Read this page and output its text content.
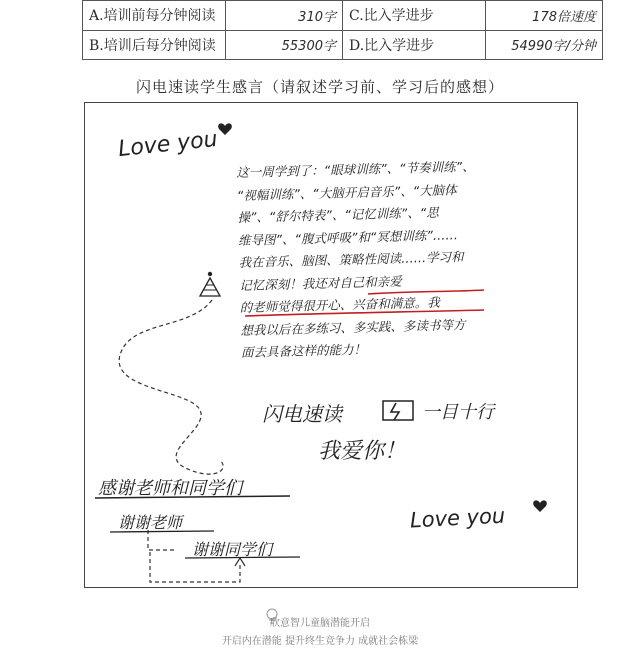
A.培训前每分钟阅读	310字	C.比入学进步	178倍速度
B.培训后每分钟阅读	55300字	D.比入学进步	54990字/分钟
闪电速读学生感言（请叙述学习前、学习后的感想）
Love you
这一周学到了：“眼球训练”、“节奏训练”、
“视幅训练”、“大脑开启音乐”、“大脑体
操”、“舒尔特表”、“记忆训练”、“思
维导图”、“腹式呼吸”和“冥想训练”……
我在音乐、脑图、策略性阅读……学习和
记忆深刻！我还对自己和亲爱
的老师觉得很开心、兴奋和满意。我
想我以后在多练习、多实践、多读书等方
面去具备这样的能力！
闪电速读	一目十行
我爱你！
感谢老师和同学们
谢谢老师
谢谢同学们
Love you
欣意智儿童脑潜能开启
开启内在潜能 提升终生竞争力 成就社会栋梁
